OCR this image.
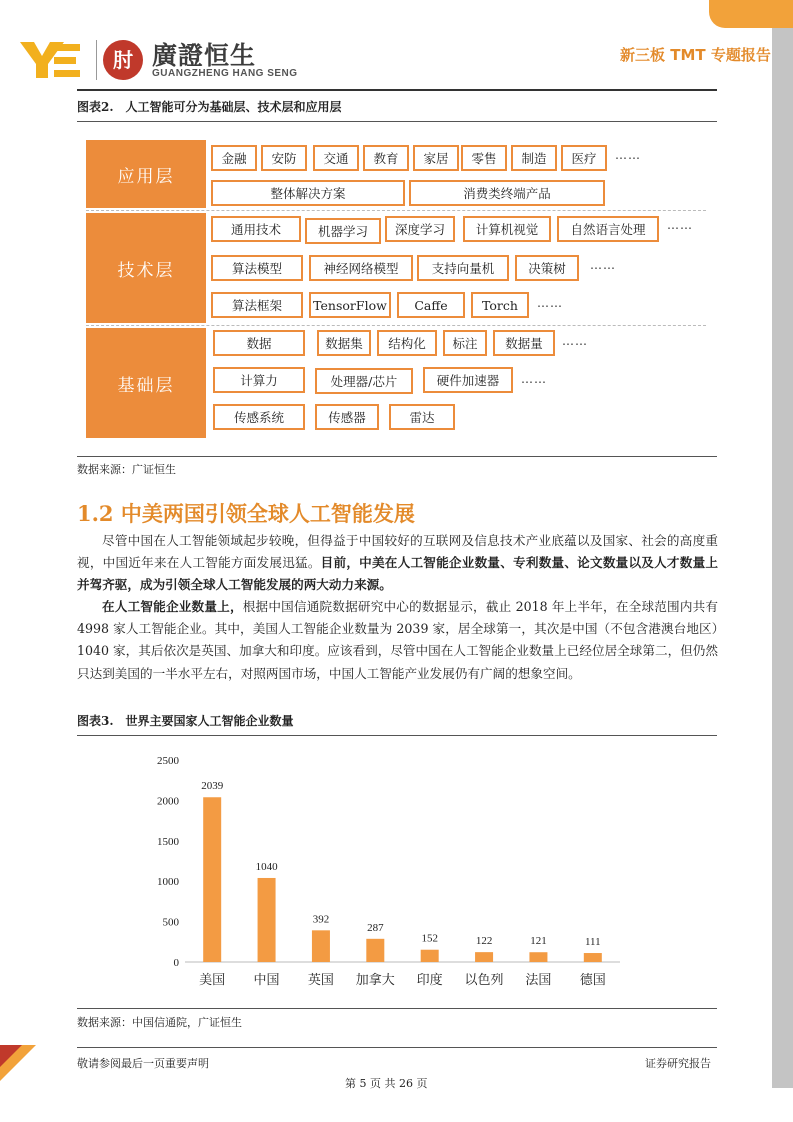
肘 廣證恒生
GUANGZHENG HANG SENG
新三板 TMT 专题报告
图表2.　人工智能可分为基础层、技术层和应用层
应用层
技术层
基础层
金融	安防	交通	教育	家居	零售	制造	医疗	……
整体解决方案	消费类终端产品
通用技术	机器学习	深度学习	计算机视觉	自然语言处理	……
算法模型	神经网络模型	支持向量机	决策树	……
算法框架	TensorFlow	Caffe	Torch	……
数据	数据集	结构化	标注	数据量	……
计算力	处理器/芯片	硬件加速器	……
传感系统	传感器	雷达
数据来源：广证恒生
1.2 中美两国引领全球人工智能发展
尽管中国在人工智能领域起步较晚，但得益于中国较好的互联网及信息技术产业底蕴以及国家、社会的高度重视，中国近年来在人工智能方面发展迅猛。目前，中美在人工智能企业数量、专利数量、论文数量以及人才数量上并驾齐驱，成为引领全球人工智能发展的两大动力来源。
在人工智能企业数量上，根据中国信通院数据研究中心的数据显示，截止 2018 年上半年，在全球范围内共有 4998 家人工智能企业。其中，美国人工智能企业数量为 2039 家，居全球第一，其次是中国（不包含港澳台地区）1040 家，其后依次是英国、加拿大和印度。应该看到，尽管中国在人工智能企业数量上已经位居全球第二，但仍然只达到美国的一半水平左右，对照两国市场，中国人工智能产业发展仍有广阔的想象空间。
图表3.　世界主要国家人工智能企业数量
0
500
1000
1500
2000
2500
2039
美国
1040
中国
392
英国
287
加拿大
152
印度
122
以色列
121
法国
111
德国
数据来源：中国信通院，广证恒生
敬请参阅最后一页重要声明	证券研究报告
第 5 页 共 26 页
